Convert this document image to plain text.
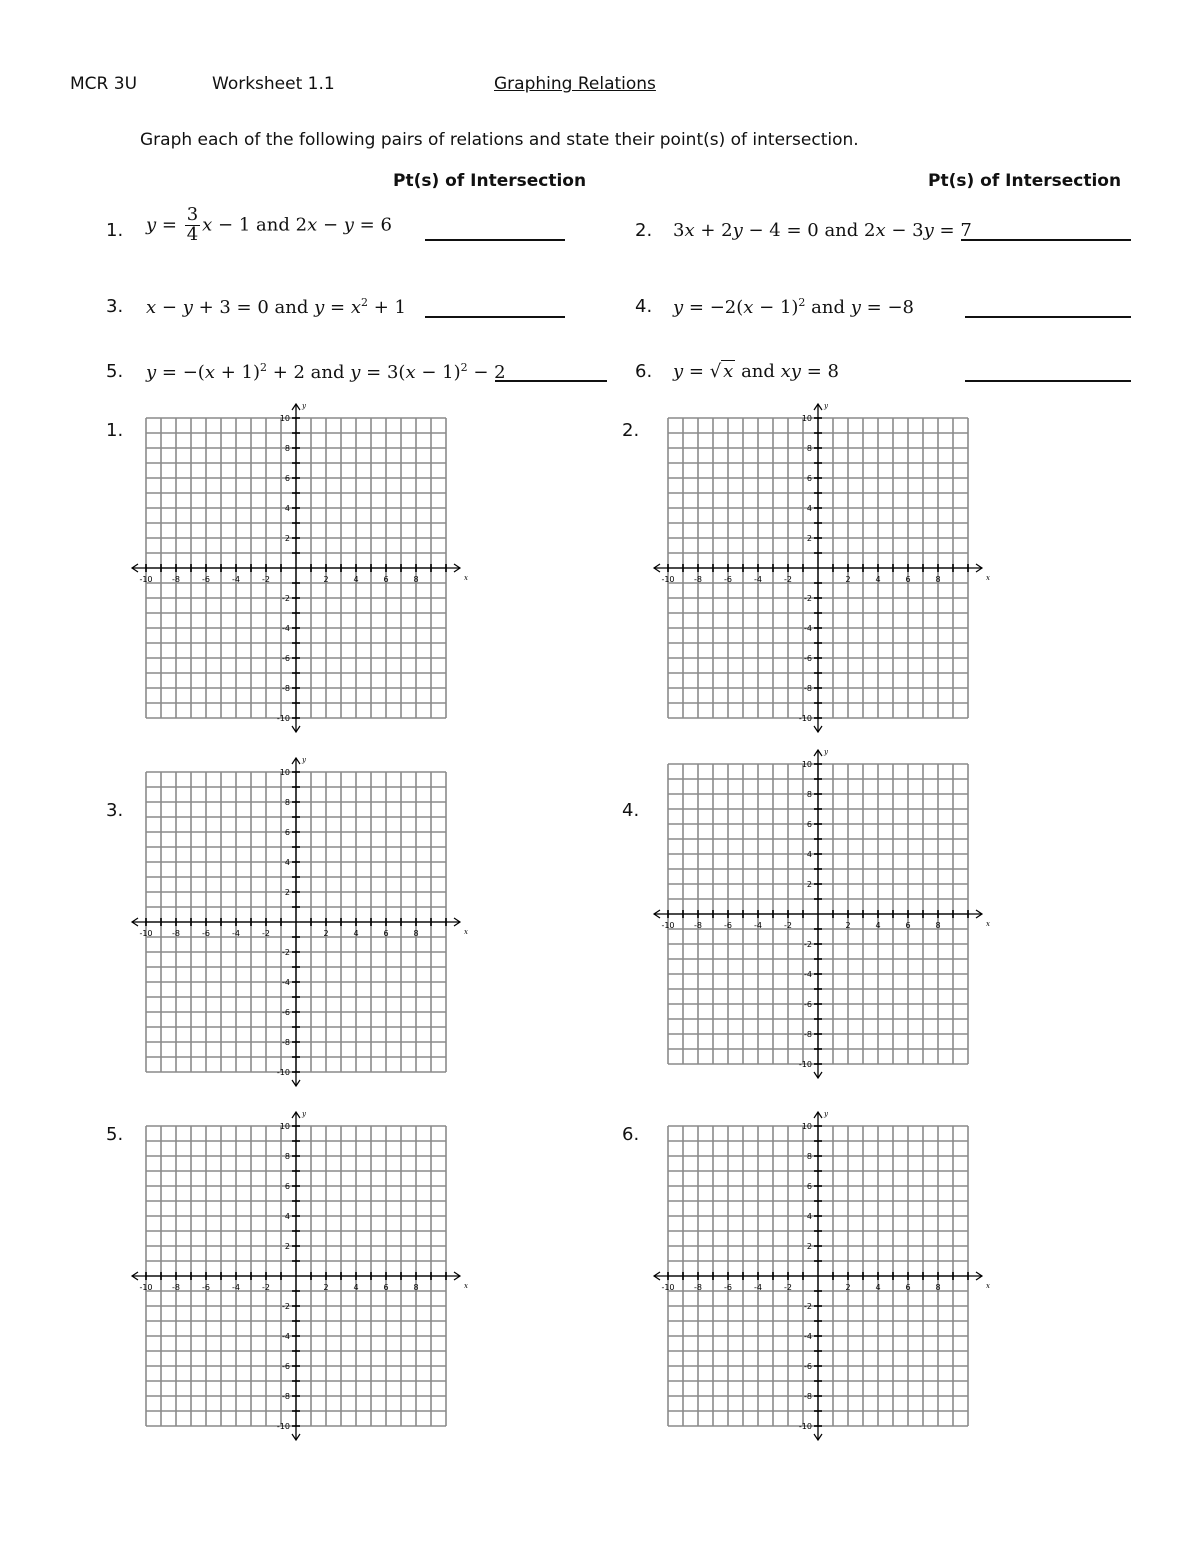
MCR 3U	Worksheet 1.1	Graphing Relations
Graph each of the following pairs of relations and state their point(s) of intersection.
Pt(s) of Intersection	Pt(s) of Intersection
1. $y = \frac{3}{4}$ x − 1 and 2x − y = 6	2. 3x + 2y − 4 = 0 and 2x − 3y = 7
3. x − y + 3 = 0 and $y = x^2 + 1$	4. $y = -2(x - 1)^2$ and y = −8
5. $y = -(x + 1)^2 + 2$ and $y = 3(x - 1)^2 - 2$	6. y = √ x and xy = 8
1.	2.
3.	4.
5.	6.
-10 -8	-6	-4	-2	2	4	6	8
10
8
6
4
2
-2
-4
-6
-8
-10
x
y
-10 -8	-6	-4	-2	2	4	6	8
10
8
6
4
2
-2
-4
-6
-8
-10
x
y
-10 -8	-6	-4	-2	2	4	6	8
10
8
6
4
2
-2
-4
-6
-8
-10
x
y
-10 -8	-6	-4	-2	2	4	6	8
10
8
6
4
2
-2
-4
-6
-8
-10
x
y
-10 -8	-6	-4	-2	2	4	6	8
10
8
6
4
2
-2
-4
-6
-8
-10
x
y
-10 -8	-6	-4	-2	2	4	6	8
10
8
6
4
2
-2
-4
-6
-8
-10
x
y
